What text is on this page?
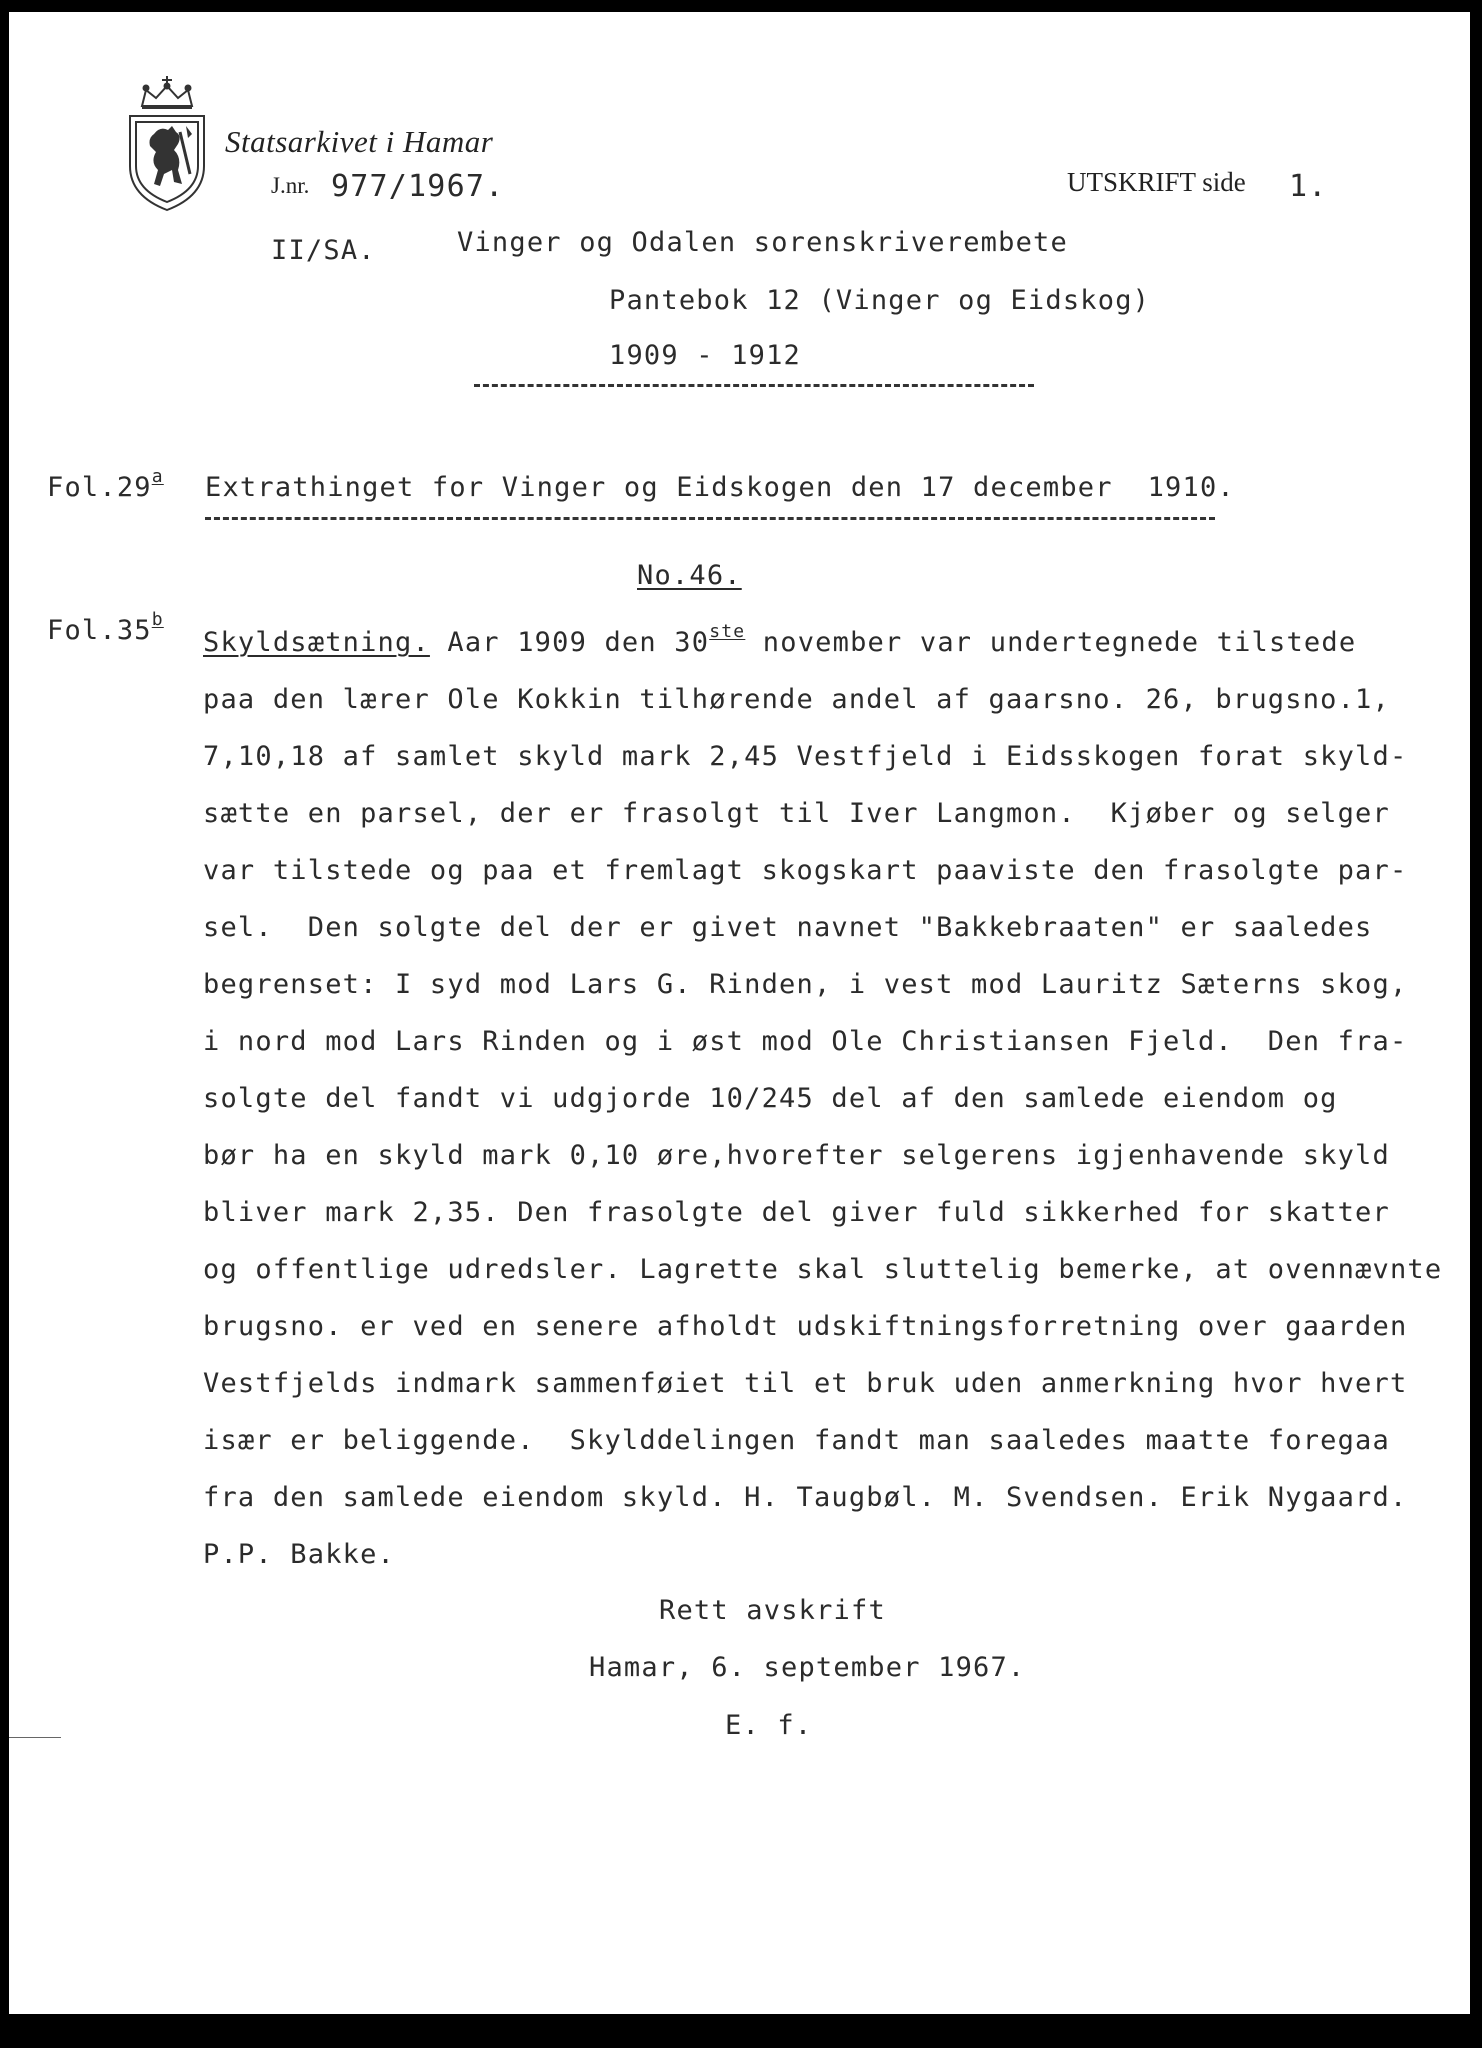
Statsarkivet i Hamar
J.nr. 977/1967.	UTSKRIFT side 1.
II/SA.	Vinger og Odalen sorenskriverembete
Pantebok 12 (Vinger og Eidskog)
1909 - 1912
Fol.29$^a$ Extrathinget for Vinger og Eidskogen den 17 december  1910.
No.46.
Fol.35$^b$
Skyldsætning. Aar 1909 den 30ste november var undertegnede tilstede
paa den lærer Ole Kokkin tilhørende andel af gaarsno. 26, brugsno.1,
7,10,18 af samlet skyld mark 2,45 Vestfjeld i Eidsskogen forat skyld-
sætte en parsel, der er frasolgt til Iver Langmon.  Kjøber og selger
var tilstede og paa et fremlagt skogskart paaviste den frasolgte par-
sel.  Den solgte del der er givet navnet "Bakkebraaten" er saaledes
begrenset: I syd mod Lars G. Rinden, i vest mod Lauritz Sæterns skog,
i nord mod Lars Rinden og i øst mod Ole Christiansen Fjeld.  Den fra-
solgte del fandt vi udgjorde 10/245 del af den samlede eiendom og
bør ha en skyld mark 0,10 øre,hvorefter selgerens igjenhavende skyld
bliver mark 2,35. Den frasolgte del giver fuld sikkerhed for skatter
og offentlige udredsler. Lagrette skal sluttelig bemerke, at ovennævnte
brugsno. er ved en senere afholdt udskiftningsforretning over gaarden
Vestfjelds indmark sammenføiet til et bruk uden anmerkning hvor hvert
især er beliggende.  Skylddelingen fandt man saaledes maatte foregaa
fra den samlede eiendom skyld. H. Taugbøl. M. Svendsen. Erik Nygaard.
P.P. Bakke.
Rett avskrift
Hamar, 6. september 1967.
E. f.
